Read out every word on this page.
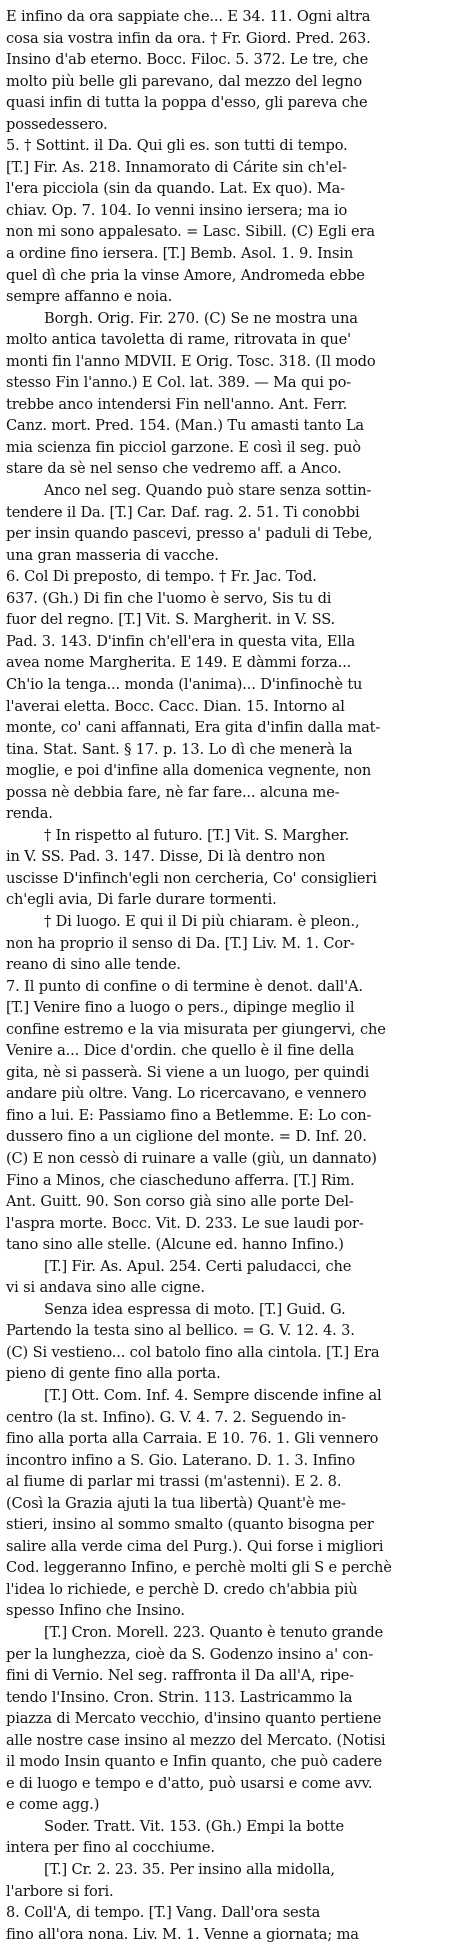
E infino da ora sappiate che... E 34. 11. Ogni altra
cosa sia vostra infin da ora. † Fr. Giord. Pred. 263.
Insino d'ab eterno. Bocc. Filoc. 5. 372. Le tre, che
molto più belle gli parevano, dal mezzo del legno
quasi infin di tutta la poppa d'esso, gli pareva che
possedessero.
5. † Sottint. il Da. Qui gli es. son tutti di tempo.
[T.] Fir. As. 218. Innamorato di Cárite sin ch'el-
l'era picciola (sin da quando. Lat. Ex quo). Ma-
chiav. Op. 7. 104. Io venni insino iersera; ma io
non mi sono appalesato. = Lasc. Sibill. (C) Egli era
a ordine fino iersera. [T.] Bemb. Asol. 1. 9. Insin
quel dì che pria la vinse Amore, Andromeda ebbe
sempre affanno e noia.
Borgh. Orig. Fir. 270. (C) Se ne mostra una
molto antica tavoletta di rame, ritrovata in que'
monti fin l'anno MDVII. E Orig. Tosc. 318. (Il modo
stesso Fin l'anno.) E Col. lat. 389. — Ma qui po-
trebbe anco intendersi Fin nell'anno. Ant. Ferr.
Canz. mort. Pred. 154. (Man.) Tu amasti tanto La
mia scienza fin picciol garzone. E così il seg. può
stare da sè nel senso che vedremo aff. a Anco.
Anco nel seg. Quando può stare senza sottin-
tendere il Da. [T.] Car. Daf. rag. 2. 51. Ti conobbi
per insin quando pascevi, presso a' paduli di Tebe,
una gran masseria di vacche.
6. Col Di preposto, di tempo. † Fr. Jac. Tod.
637. (Gh.) Di fin che l'uomo è servo, Sis tu di
fuor del regno. [T.] Vit. S. Margherit. in V. SS.
Pad. 3. 143. D'infin ch'ell'era in questa vita, Ella
avea nome Margherita. E 149. E dàmmi forza...
Ch'io la tenga... monda (l'anima)... D'infinochè tu
l'averai eletta. Bocc. Cacc. Dian. 15. Intorno al
monte, co' cani affannati, Era gita d'infin dalla mat-
tina. Stat. Sant. § 17. p. 13. Lo dì che menerà la
moglie, e poi d'infine alla domenica vegnente, non
possa nè debbia fare, nè far fare... alcuna me-
renda.
† In rispetto al futuro. [T.] Vit. S. Margher.
in V. SS. Pad. 3. 147. Disse, Di là dentro non
uscisse D'infinch'egli non cercheria, Co' consiglieri
ch'egli avia, Di farle durare tormenti.
† Di luogo. E qui il Di più chiaram. è pleon.,
non ha proprio il senso di Da. [T.] Liv. M. 1. Cor-
reano di sino alle tende.
7. Il punto di confine o di termine è denot. dall'A.
[T.] Venire fino a luogo o pers., dipinge meglio il
confine estremo e la via misurata per giungervi, che
Venire a... Dice d'ordin. che quello è il fine della
gita, nè si passerà. Si viene a un luogo, per quindi
andare più oltre. Vang. Lo ricercavano, e vennero
fino a lui. E: Passiamo fino a Betlemme. E: Lo con-
dussero fino a un ciglione del monte. = D. Inf. 20.
(C) E non cessò di ruinare a valle (giù, un dannato)
Fino a Minos, che ciascheduno afferra. [T.] Rim.
Ant. Guitt. 90. Son corso già sino alle porte Del-
l'aspra morte. Bocc. Vit. D. 233. Le sue laudi por-
tano sino alle stelle. (Alcune ed. hanno Infino.)
[T.] Fir. As. Apul. 254. Certi paludacci, che
vi si andava sino alle cigne.
Senza idea espressa di moto. [T.] Guid. G.
Partendo la testa sino al bellico. = G. V. 12. 4. 3.
(C) Si vestieno... col batolo fino alla cintola. [T.] Era
pieno di gente fino alla porta.
[T.] Ott. Com. Inf. 4. Sempre discende infine al
centro (la st. Infino). G. V. 4. 7. 2. Seguendo in-
fino alla porta alla Carraia. E 10. 76. 1. Gli vennero
incontro infino a S. Gio. Laterano. D. 1. 3. Infino
al fiume di parlar mi trassi (m'astenni). E 2. 8.
(Così la Grazia ajuti la tua libertà) Quant'è me-
stieri, insino al sommo smalto (quanto bisogna per
salire alla verde cima del Purg.). Qui forse i migliori
Cod. leggeranno Infino, e perchè molti gli S e perchè
l'idea lo richiede, e perchè D. credo ch'abbia più
spesso Infino che Insino.
[T.] Cron. Morell. 223. Quanto è tenuto grande
per la lunghezza, cioè da S. Godenzo insino a' con-
fini di Vernio. Nel seg. raffronta il Da all'A, ripe-
tendo l'Insino. Cron. Strin. 113. Lastricammo la
piazza di Mercato vecchio, d'insino quanto pertiene
alle nostre case insino al mezzo del Mercato. (Notisi
il modo Insin quanto e Infin quanto, che può cadere
e di luogo e tempo e d'atto, può usarsi e come avv.
e come agg.)
Soder. Tratt. Vit. 153. (Gh.) Empi la botte
intera per fino al cocchiume.
[T.] Cr. 2. 23. 35. Per insino alla midolla,
l'arbore si fori.
8. Coll'A, di tempo. [T.] Vang. Dall'ora sesta
fino all'ora nona. Liv. M. 1. Venne a giornata; ma
